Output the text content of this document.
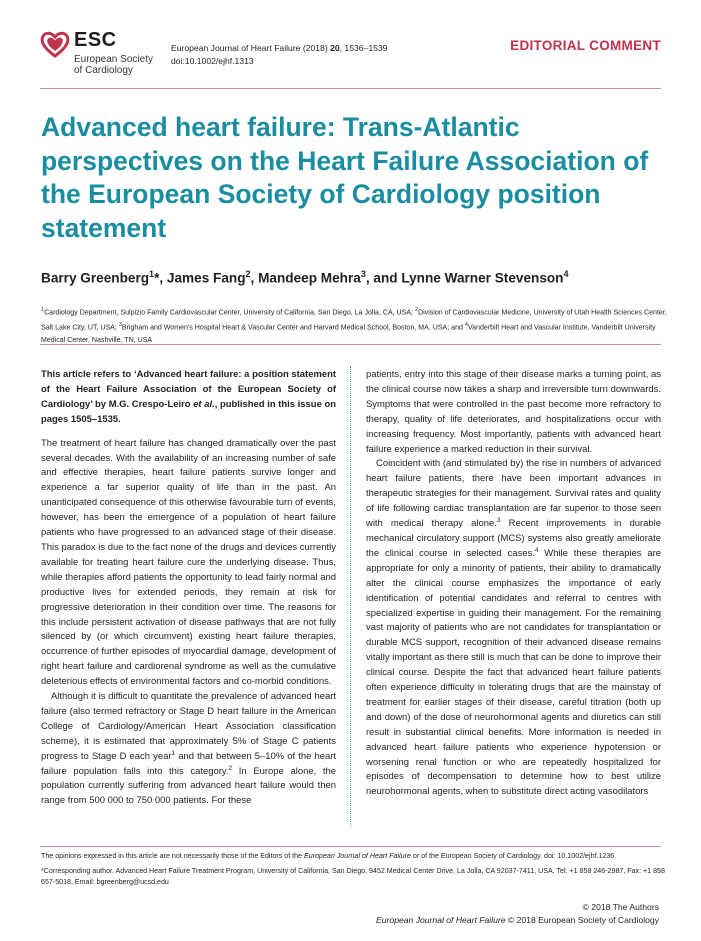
ESC
European Society
of Cardiology
European Journal of Heart Failure (2018) 20, 1536–1539
doi:10.1002/ejhf.1313
EDITORIAL COMMENT
Advanced heart failure: Trans-Atlantic perspectives on the Heart Failure Association of the European Society of Cardiology position statement
Barry Greenberg$^1$*, James Fang$^2$, Mandeep Mehra$^3$, and Lynne Warner Stevenson$^4$

$^1$Cardiology Department, Sulpizio Family Cardiovascular Center, University of California, San Diego, La Jolla, CA, USA; $^2$Division of Cardiovascular Medicine, University of Utah Health Sciences Center, Salt Lake City, UT, USA; $^3$Brigham and Women's Hospital Heart & Vascular Center and Harvard Medical School, Boston, MA, USA; and $^4$Vanderbilt Heart and Vascular Institute, Vanderbilt University Medical Center, Nashville, TN, USA

This article refers to ‘Advanced heart failure: a position statement of the Heart Failure Association of the European Society of Cardiology’ by M.G. Crespo-Leiro et al., published in this issue on pages 1505–1535.

The treatment of heart failure has changed dramatically over the past several decades. With the availability of an increasing number of safe and effective therapies, heart failure patients survive longer and experience a far superior quality of life than in the past. An unanticipated consequence of this otherwise favourable turn of events, however, has been the emergence of a population of heart failure patients who have progressed to an advanced stage of their disease. This paradox is due to the fact none of the drugs and devices currently available for treating heart failure cure the underlying disease. Thus, while therapies afford patients the opportunity to lead fairly normal and productive lives for extended periods, they remain at risk for progressive deterioration in their condition over time. The reasons for this include persistent activation of disease pathways that are not fully silenced by (or which circumvent) existing heart failure therapies, occurrence of further episodes of myocardial damage, development of right heart failure and cardiorenal syndrome as well as the cumulative deleterious effects of environmental factors and co-morbid conditions.

Although it is difficult to quantitate the prevalence of advanced heart failure (also termed refractory or Stage D heart failure in the American College of Cardiology/American Heart Association classification scheme), it is estimated that approximately 5% of Stage C patients progress to Stage D each year$^1$ and that between 5–10% of the heart failure population falls into this category.$^2$ In Europe alone, the population currently suffering from advanced heart failure would then range from 500 000 to 750 000 patients. For these

patients, entry into this stage of their disease marks a turning point, as the clinical course now takes a sharp and irreversible turn downwards. Symptoms that were controlled in the past become more refractory to therapy, quality of life deteriorates, and hospitalizations occur with increasing frequency. Most importantly, patients with advanced heart failure experience a marked reduction in their survival.

Coincident with (and stimulated by) the rise in numbers of advanced heart failure patients, there have been important advances in therapeutic strategies for their management. Survival rates and quality of life following cardiac transplantation are far superior to those seen with medical therapy alone.$^3$ Recent improvements in durable mechanical circulatory support (MCS) systems also greatly ameliorate the clinical course in selected cases.$^4$ While these therapies are appropriate for only a minority of patients, their ability to dramatically alter the clinical course emphasizes the importance of early identification of potential candidates and referral to centres with specialized expertise in guiding their management. For the remaining vast majority of patients who are not candidates for transplantation or durable MCS support, recognition of their advanced disease remains vitally important as there still is much that can be done to improve their clinical course. Despite the fact that advanced heart failure patients often experience difficulty in tolerating drugs that are the mainstay of treatment for earlier stages of their disease, careful titration (both up and down) of the dose of neurohormonal agents and diuretics can still result in substantial clinical benefits. More information is needed in advanced heart failure patients who experience hypotension or worsening renal function or who are repeatedly hospitalized for episodes of decompensation to determine how to best utilize neurohormonal agents, when to substitute direct acting vasodilators

The opinions expressed in this article are not necessarily those of the Editors of the European Journal of Heart Failure or of the European Society of Cardiology. doi: 10.1002/ejhf.1236

*Corresponding author. Advanced Heart Failure Treatment Program, University of California, San Diego, 9452 Medical Center Drive, La Jolla, CA 92037-7411, USA. Tel: +1 858 246-2987, Fax: +1 858 657-5018, Email: bgreenberg@ucsd.edu

© 2018 The Authors
European Journal of Heart Failure © 2018 European Society of Cardiology
